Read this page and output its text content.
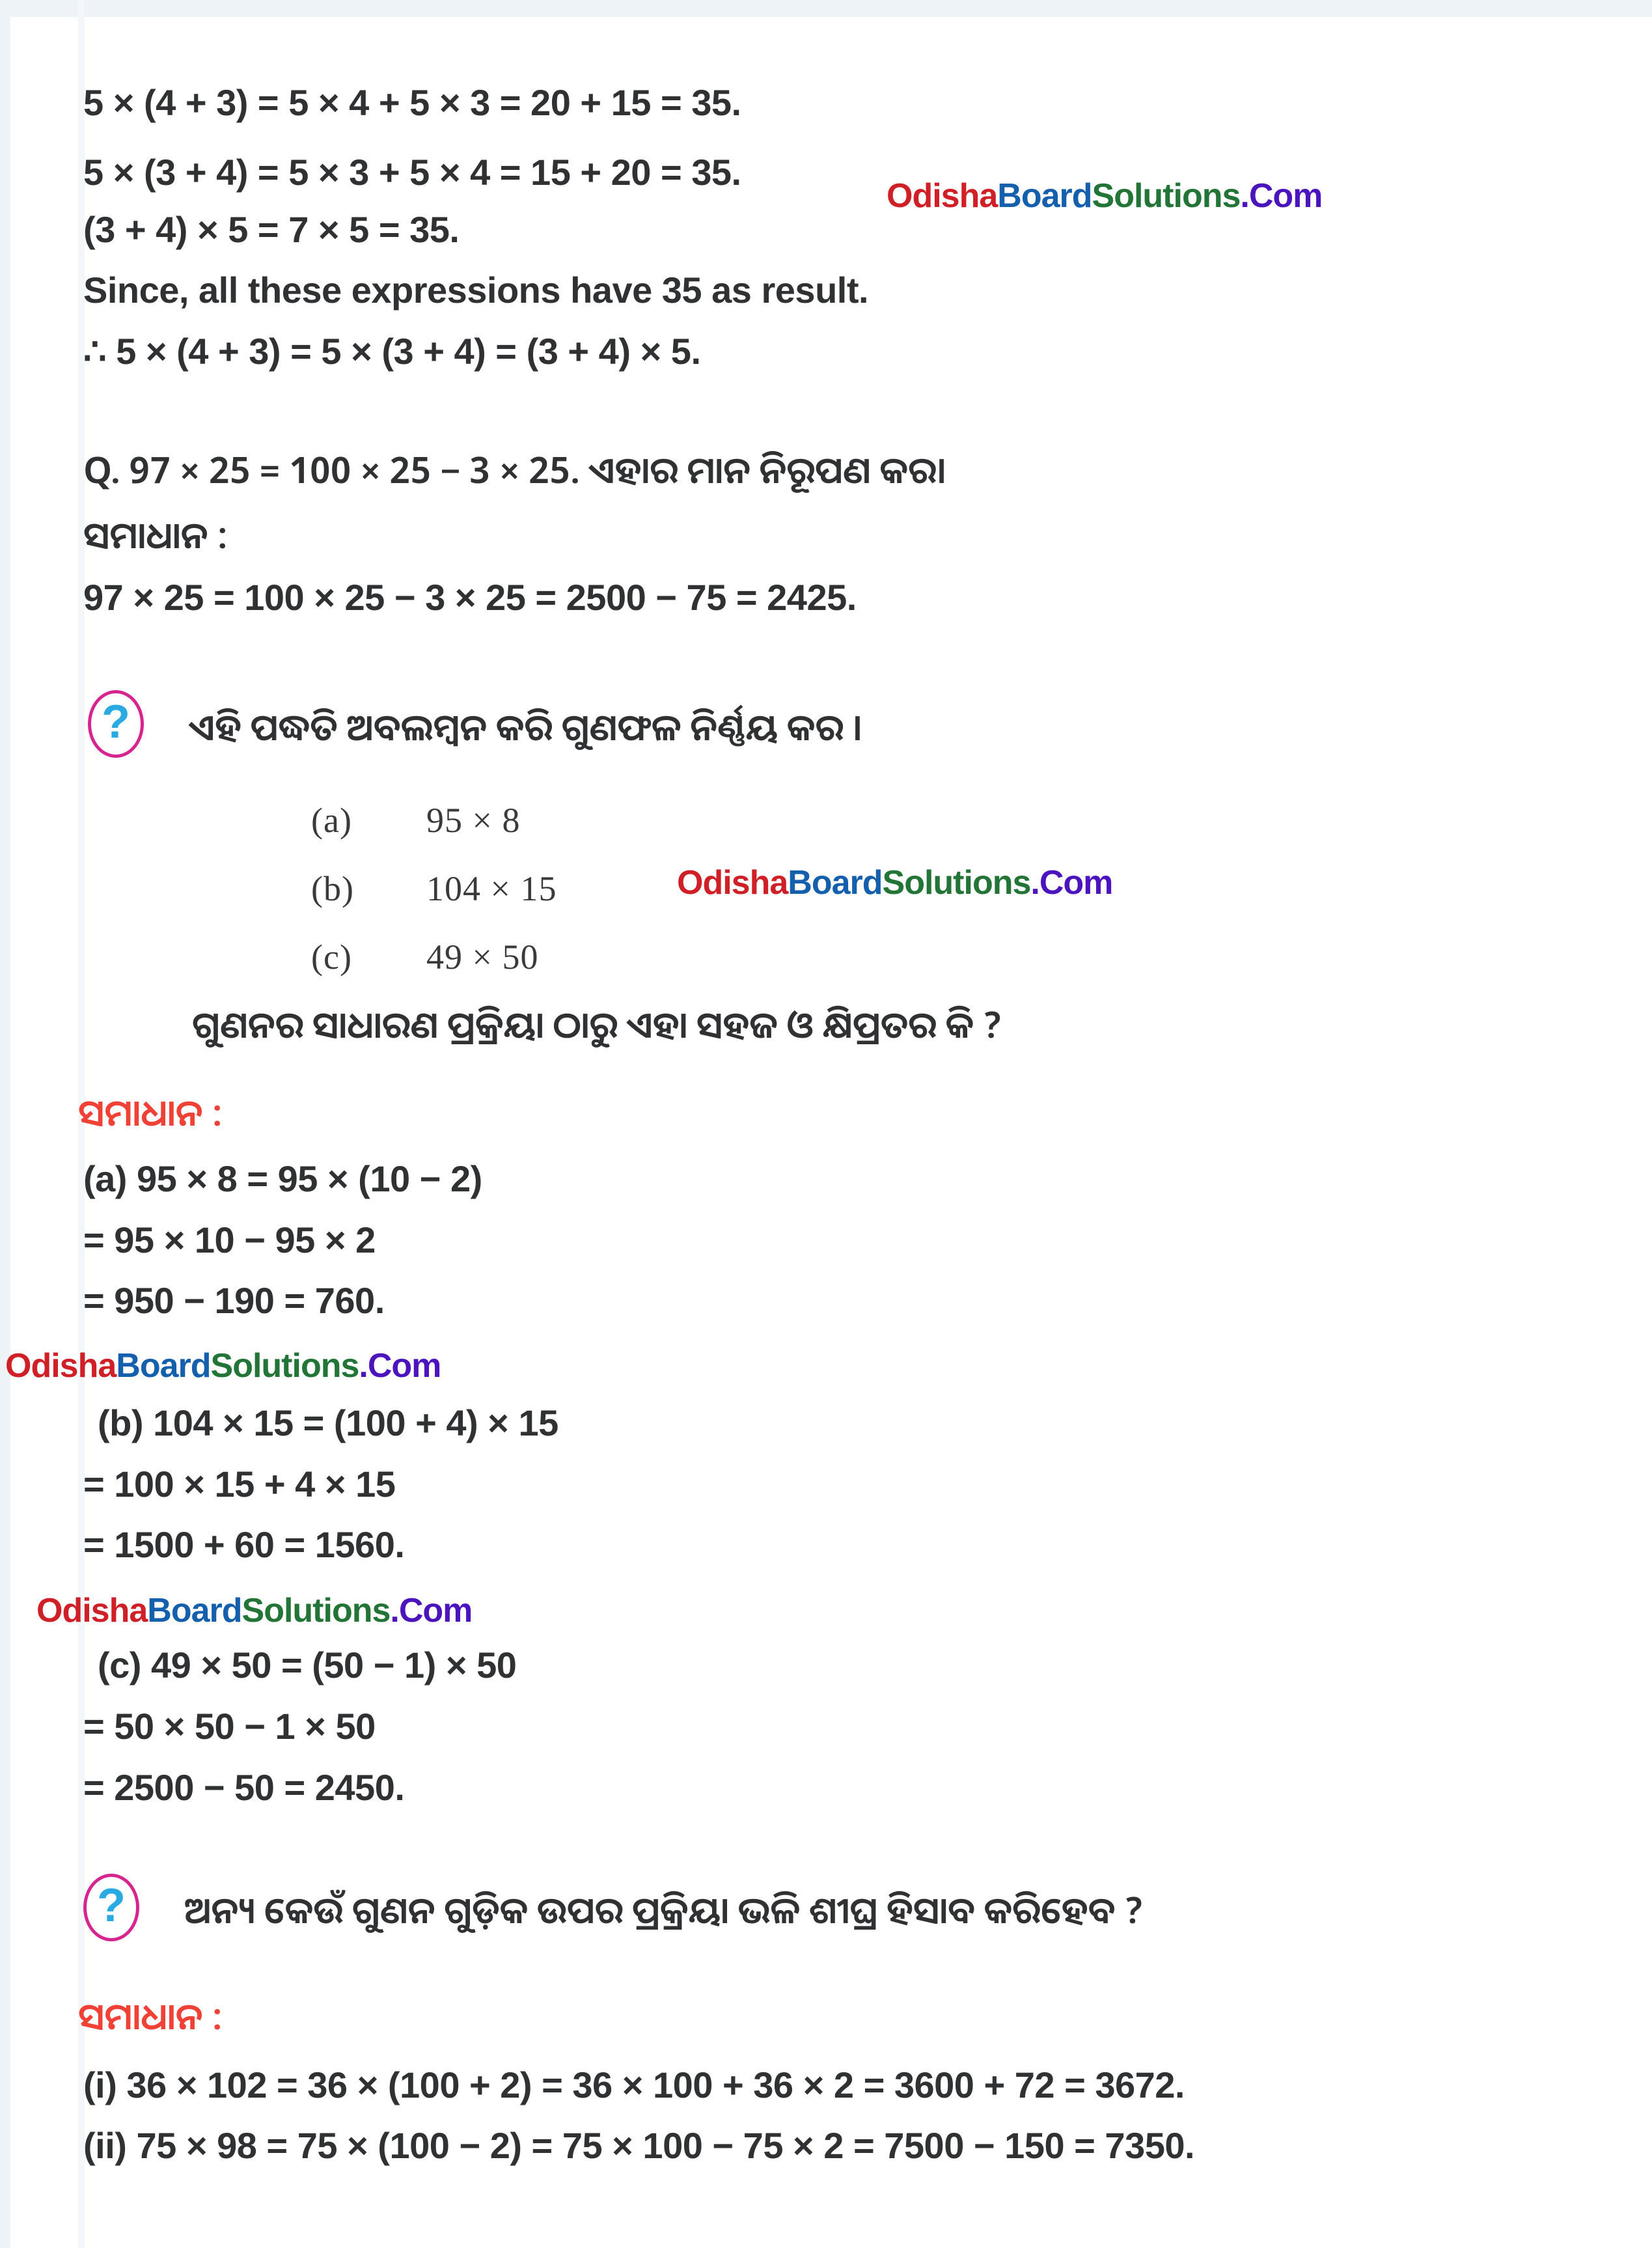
5 × (4 + 3) = 5 × 4 + 5 × 3 = 20 + 15 = 35.
5 × (3 + 4) = 5 × 3 + 5 × 4 = 15 + 20 = 35.
(3 + 4) × 5 = 7 × 5 = 35.
Since, all these expressions have 35 as result.
∴ 5 × (4 + 3) = 5 × (3 + 4) = (3 + 4) × 5.
OdishaBoardSolutions.Com
Q. 97 × 25 = 100 × 25 − 3 × 25. ଏହାର ମାନ ନିରୂପଣ କର।
ସମାଧାନ :
97 × 25 = 100 × 25 − 3 × 25 = 2500 − 75 = 2425.
?	ଏହି ପଦ୍ଧତି ଅବଲମ୍ବନ କରି ଗୁଣଫଳ ନିର୍ଣ୍ଣୟ କର ।
(a) 95 × 8
(b) 104 × 15
(c) 49 × 50
OdishaBoardSolutions.Com
ଗୁଣନର ସାଧାରଣ ପ୍ରକ୍ରିୟା ଠାରୁ ଏହା ସହଜ ଓ କ୍ଷିପ୍ରତର କି ?
ସମାଧାନ :
(a) 95 × 8 = 95 × (10 − 2)
= 95 × 10 − 95 × 2
= 950 − 190 = 760.
OdishaBoardSolutions.Com
(b) 104 × 15 = (100 + 4) × 15
= 100 × 15 + 4 × 15
= 1500 + 60 = 1560.
OdishaBoardSolutions.Com
(c) 49 × 50 = (50 − 1) × 50
= 50 × 50 − 1 × 50
= 2500 − 50 = 2450.
?	ଅନ୍ୟ କେଉଁ ଗୁଣନ ଗୁଡ଼ିକ ଉପର ପ୍ରକ୍ରିୟା ଭଳି ଶୀଘ୍ର ହିସାବ କରିହେବ ?
ସମାଧାନ :
(i) 36 × 102 = 36 × (100 + 2) = 36 × 100 + 36 × 2 = 3600 + 72 = 3672.
(ii) 75 × 98 = 75 × (100 − 2) = 75 × 100 − 75 × 2 = 7500 − 150 = 7350.
